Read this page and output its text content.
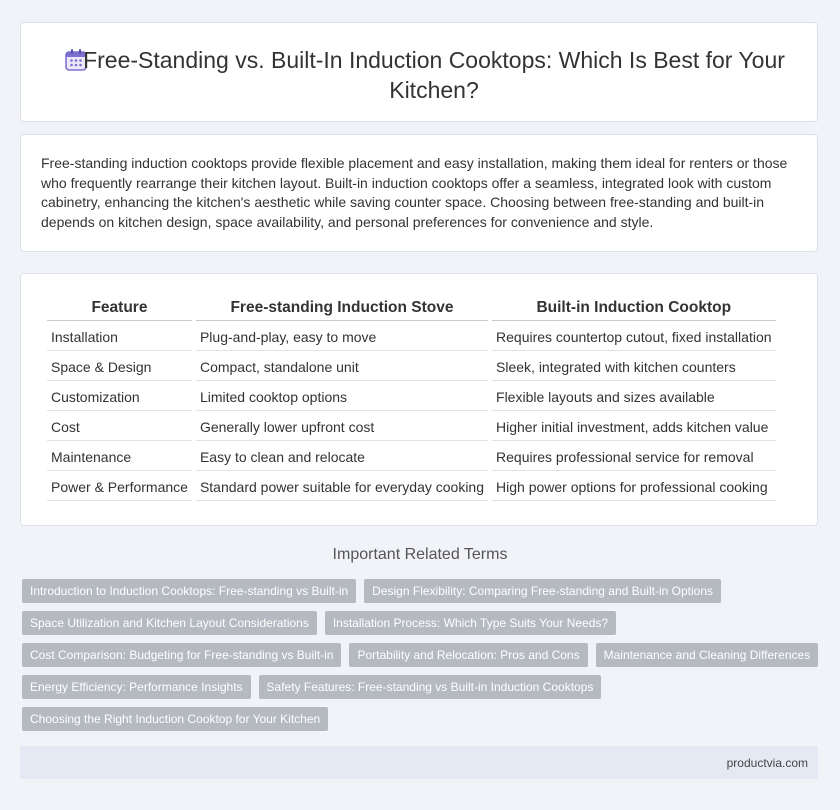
Free-Standing vs. Built-In Induction Cooktops: Which Is Best for Your Kitchen?

Free-standing induction cooktops provide flexible placement and easy installation, making them ideal for renters or those who frequently rearrange their kitchen layout. Built-in induction cooktops offer a seamless, integrated look with custom cabinetry, enhancing the kitchen's aesthetic while saving counter space. Choosing between free-standing and built-in depends on kitchen design, space availability, and personal preferences for convenience and style.

Feature	Free-standing Induction Stove	Built-in Induction Cooktop
Installation	Plug-and-play, easy to move	Requires countertop cutout, fixed installation
Space & Design	Compact, standalone unit	Sleek, integrated with kitchen counters
Customization	Limited cooktop options	Flexible layouts and sizes available
Cost	Generally lower upfront cost	Higher initial investment, adds kitchen value
Maintenance	Easy to clean and relocate	Requires professional service for removal
Power & Performance	Standard power suitable for everyday cooking	High power options for professional cooking
Important Related Terms
Introduction to Induction Cooktops: Free-standing vs Built-in	Design Flexibility: Comparing Free-standing and Built-in Options
Space Utilization and Kitchen Layout Considerations	Installation Process: Which Type Suits Your Needs?
Cost Comparison: Budgeting for Free-standing vs Built-in	Portability and Relocation: Pros and Cons	Maintenance and Cleaning Differences
Energy Efficiency: Performance Insights	Safety Features: Free-standing vs Built-in Induction Cooktops
Choosing the Right Induction Cooktop for Your Kitchen
productvia.com
